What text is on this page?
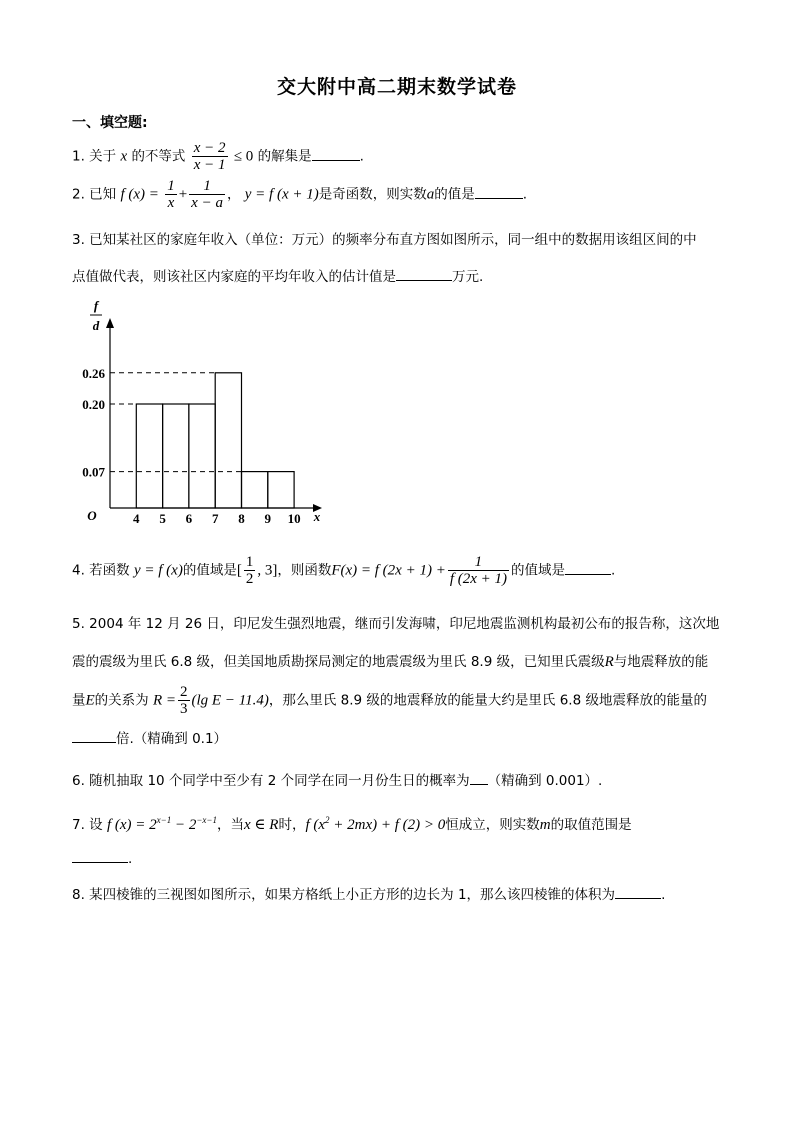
交大附中高二期末数学试卷
一、填空题:
1. 关于 x 的不等式 $\frac{x - 2}{x - 1} \le 0$ 的解集是	.
2. 已知 f $(x) = \frac{1}{x} + \frac{1}{x - a}$ ， y = f (x + 1)是奇函数，则实数a的值是	.
3. 已知某社区的家庭年收入（单位：万元）的频率分布直方图如图所示，同一组中的数据用该组区间的中
点值做代表，则该社区内家庭的平均年收入的估计值是	万元.
f
d
O	x
0.26
0.20
0.07
4 5 6 7 8 9 10
4. 若函数 y = f (x)的值域是[ $\frac{1}{2}$ , 3]，则函数F(x) = f $(2x + 1) + \frac{1}{f (2x + 1)}$ 的值域是	.
5. 2004 年 12 月 26 日，印尼发生强烈地震，继而引发海啸，印尼地震监测机构最初公布的报告称，这次地
震的震级为里氏 6.8 级，但美国地质勘探局测定的地震震级为里氏 8.9 级，已知里氏震级R与地震释放的能
量E的关系为 $R = \frac{2}{3} (\lg$ E − 11.4)，那么里氏 8.9 级的地震释放的能量大约是里氏 6.8 级地震释放的能量的
倍.（精确到 0.1）
6. 随机抽取 10 个同学中至少有 2 个同学在同一月份生日的概率为 （精确到 0.001）.
7. 设 f $(x) = 2^{x-1} - 2^{-x-1}$，当x ∈ R时，f $(x^2 + 2mx) + f$ (2) > 0恒成立，则实数m的取值范围是
.
8. 某四棱锥的三视图如图所示，如果方格纸上小正方形的边长为 1，那么该四棱锥的体积为	.
